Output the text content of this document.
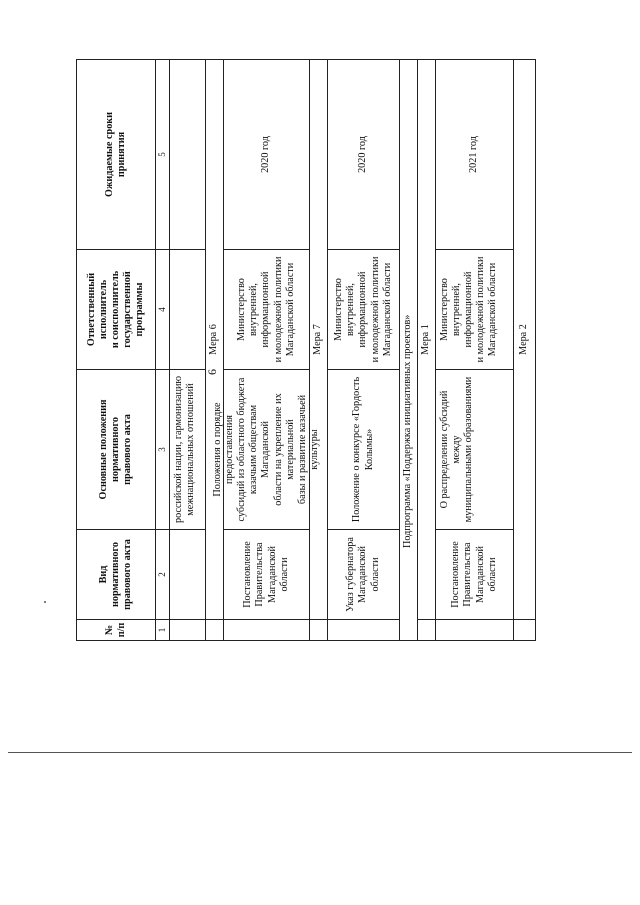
6
№
п/п
Вид нормативного
правового акта
Основные положения нормативного
правового акта
Ответственный
исполнитель
и соисполнитель
государственной
программы
Ожидаемые сроки
принятия
1
2
3
4
5
российской нации, гармонизацию
межнациональных отношений
Мера 6
Постановление
Правительства
Магаданской области
Положения о порядке предоставления
субсидий из областного бюджета
казачьим обществам Магаданской
области на укрепление их материальной
базы и развитие казачьей культуры
Министерство внутренней,
информационной
и молодежной политики
Магаданской области
2020 год
Мера 7
Указ губернатора
Магаданской области
Положение о конкурсе «Гордость
Колымы»
Министерство внутренней,
информационной
и молодежной политики
Магаданской области
2020 год
Подпрограмма «Поддержка инициативных проектов» Мера 1
Постановление
Правительства
Магаданской области
О распределении субсидий между
муниципальными образованиями
Министерство внутренней,
информационной
и молодежной политики
Магаданской области
2021 год
Мера 2
